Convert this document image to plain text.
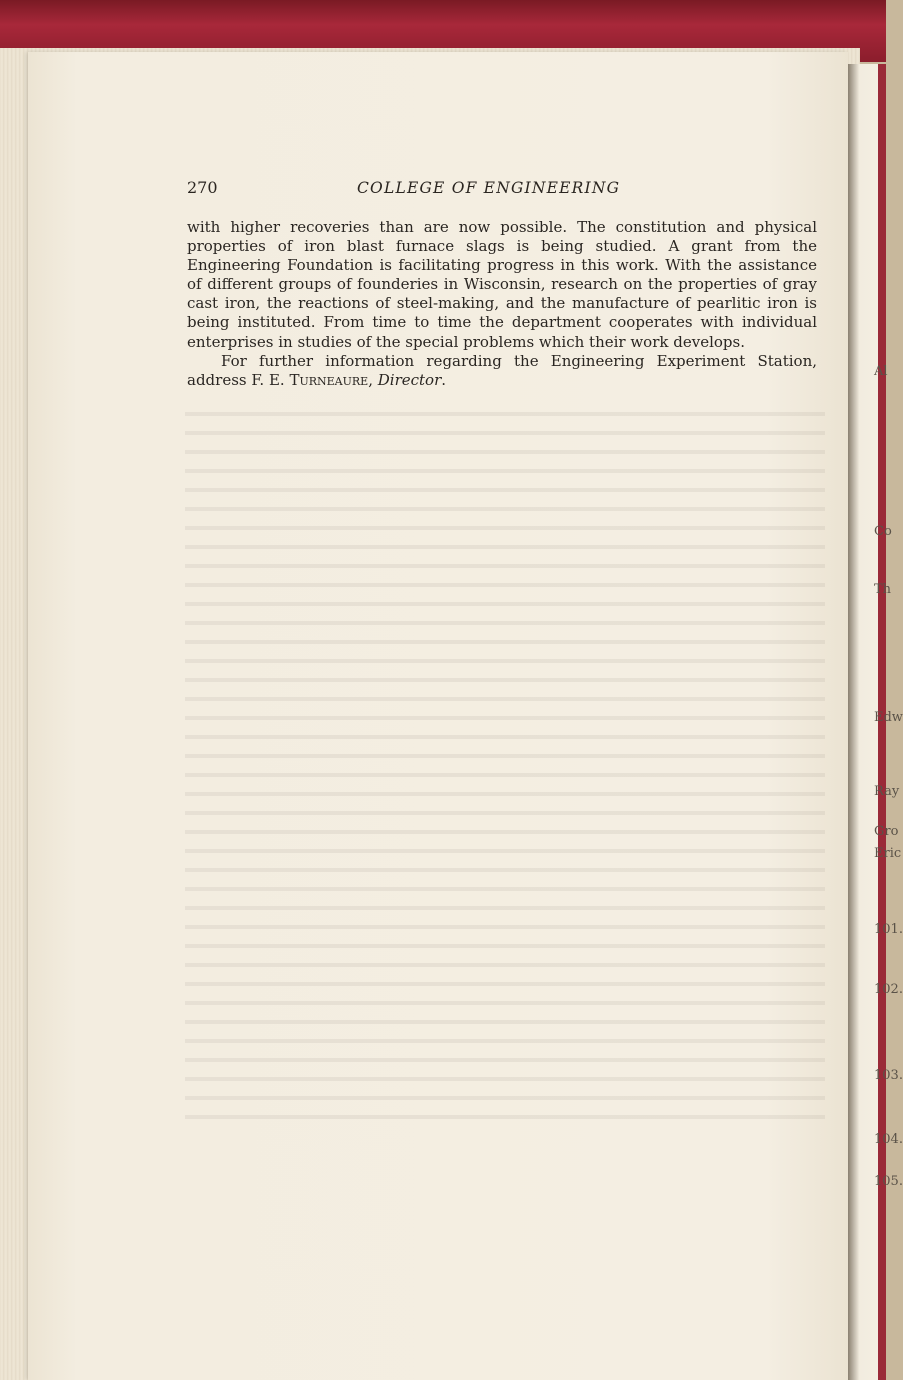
Al
Co
Th
Edw
Ray
Gro
Eric
101.
102.
103.
104.
105.
270	COLLEGE OF ENGINEERING

with higher recoveries than are now possible. The constitution and physical properties of iron blast furnace slags is being studied. A grant from the Engineering Foundation is facilitating progress in this work. With the assistance of different groups of founderies in Wisconsin, research on the properties of gray cast iron, the reactions of steel-making, and the manufacture of pearlitic iron is being instituted. From time to time the department cooperates with individual enterprises in studies of the special problems which their work develops.

For further information regarding the Engineering Experiment Station, address F. E. Turneaure, Director.
